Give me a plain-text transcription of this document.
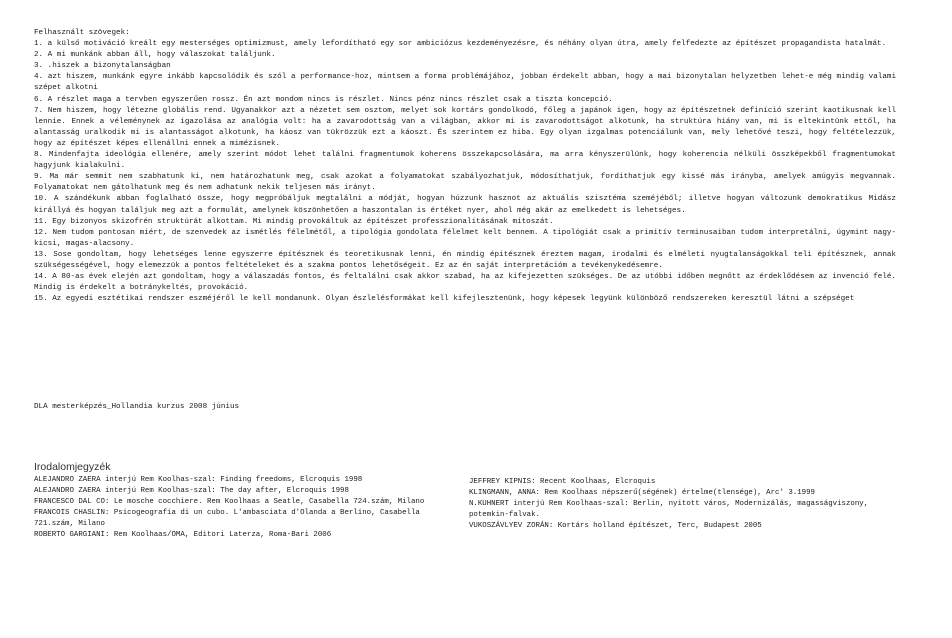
Felhasznált szövegek:

1. a külső motiváció kreált egy mesterséges optimizmust, amely lefordítható egy sor ambiciózus kezdeményezésre, és néhány olyan útra, amely felfedezte az építészet propagandista hatalmát.

2. A mi munkánk abban áll, hogy válaszokat találjunk.

3. .hiszek a bizonytalanságban

4. azt hiszem, munkánk egyre inkább kapcsolódik és szól a performance-hoz, mintsem a forma problémájához, jobban érdekelt abban, hogy a mai bizonytalan helyzetben lehet-e még mindig valami szépet alkotni

6. A részlet maga a tervben egyszerűen rossz. Én azt mondom nincs is részlet. Nincs pénz nincs részlet csak a tiszta koncepció.

7. Nem hiszem, hogy létezne globális rend. Ugyanakkor azt a nézetet sem osztom, melyet sok kortárs gondolkodó, főleg a japánok igen, hogy az építészetnek definíció szerint kaotikusnak kell lennie. Ennek a véleménynek az igazolása az analógia volt: ha a zavarodottság van a világban, akkor mi is zavarodottságot alkotunk, ha struktúra hiány van, mi is eltekintünk ettől, ha alantasság uralkodik mi is alantasságot alkotunk, ha káosz van tükrözzük ezt a káoszt. És szerintem ez hiba. Egy olyan izgalmas potenciálunk van, mely lehetővé teszi, hogy feltételezzük, hogy az építészet képes ellenállni ennek a mimézisnek.

8. Mindenfajta ideológia ellenére, amely szerint módot lehet találni fragmentumok koherens összekapcsolására, ma arra kényszerülünk, hogy koherencia nélküli összképekből fragmentumokat hagyjunk kialakulni.

9. Ma már semmit nem szabhatunk ki, nem határozhatunk meg, csak azokat a folyamatokat szabályozhatjuk, módosíthatjuk, fordíthatjuk egy kissé más irányba, amelyek amúgyis megvannak. Folyamatokat nem gátolhatunk meg és nem adhatunk nekik teljesen más irányt.

10. A szándékunk abban foglalható össze, hogy megpróbáljuk megtalálni a módját, hogyan húzzunk hasznot az aktuális szisztéma szeméjéből; illetve hogyan változunk demokratikus Midász királlyá és hogyan találjuk meg azt a formulát, amelynek köszönhetően a haszontalan is értéket nyer, ahol még akár az emelkedett is lehetséges.

11. Egy bizonyos skizofrén struktúrát alkottam. Mi mindig provokáltuk az építészet professzionalitásának mítoszát.

12. Nem tudom pontosan miért, de szenvedek az ismétlés félelmétől, a tipológia gondolata félelmet kelt bennem. A tipológiát csak a primitív terminusaiban tudom interpretálni, úgymint nagy-kicsi, magas-alacsony.

13. Sose gondoltam, hogy lehetséges lenne egyszerre építésznek és teoretikusnak lenni, én mindig építésznek éreztem magam, irodalmi és elméleti nyugtalanságokkal teli építésznek, annak szükségességével, hogy elemezzük a pontos feltételeket és a szakma pontos lehetőségeit. Ez az én saját interpretációm a tevékenykedésemre.

14. A 80-as évek elején azt gondoltam, hogy a válaszadás fontos, és feltalálni csak akkor szabad, ha az kifejezetten szükséges. De az utóbbi időben megnőtt az érdeklődésem az invenció felé. Mindig is érdekelt a botránykeltés, provokáció.

15. Az egyedi esztétikai rendszer eszméjéről le kell mondanunk. Olyan észlelésformákat kell kifejlesztenünk, hogy képesek legyünk különböző rendszereken keresztül látni a szépséget

DLA mesterképzés_Hollandia kurzus 2008 június
Irodalomjegyzék

ALEJANDRO ZAERA interjú Rem Koolhas-szal: Finding freedoms, Elcroquis 1998

ALEJANDRO ZAERA interjú Rem Koolhas-szal: The day after, Elcroquis 1998

FRANCESCO DAL CO: Le mosche cocchiere. Rem Koolhaas a Seatle, Casabella 724.szám, Milano

FRANCOIS CHASLIN: Psicogeografia di un cubo. L'ambasciata d'Olanda a Berlino, Casabella 721.szám, Milano

ROBERTO GARGIANI: Rem Koolhaas/OMA, Editori Laterza, Roma-Bari 2006

JEFFREY KIPNIS: Recent Koolhaas, Elcroquis

KLINGMANN, ANNA: Rem Koolhaas népszerű(ségének) értelme(tlensége), Arc' 3.1999

N.KUHNERT interjú Rem Koolhaas-szal: Berlin, nyitott város, Modernizálás, magasságviszony, potemkin-falvak.

VUKOSZÁVLYEV ZORÁN: Kortárs holland építészet, Terc, Budapest 2005
